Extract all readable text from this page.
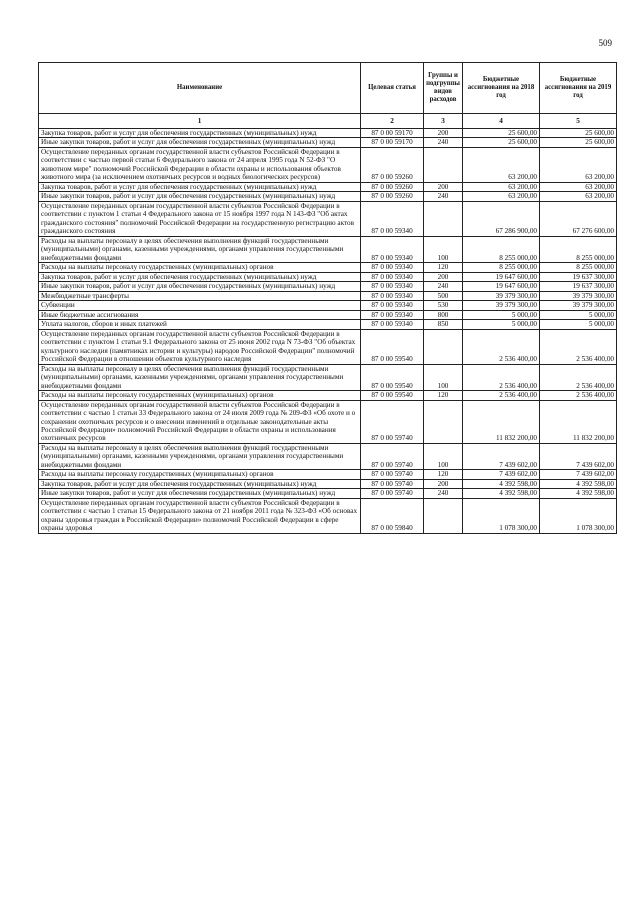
509
Наименование	Целевая статья	Группы и подгруппы видов расходов	Бюджетные ассигнования на 2018 год	Бюджетные ассигнования на 2019 год
1	2	3	4	5
Закупка товаров, работ и услуг для обеспечения государственных (муниципальных) нужд	87 0 00 59170	200	25 600,00	25 600,00
Иные закупки товаров, работ и услуг для обеспечения государственных (муниципальных) нужд	87 0 00 59170	240	25 600,00	25 600,00
Осуществление переданных органам государственной власти субъектов Российской Федерации в соответствии с частью первой статьи 6 Федерального закона от 24 апреля 1995 года N 52-ФЗ "О животном мире" полномочий Российской Федерации в области охраны и использования объектов животного мира (за исключением охотничьих ресурсов и водных биологических ресурсов)	87 0 00 59260		63 200,00	63 200,00
Закупка товаров, работ и услуг для обеспечения государственных (муниципальных) нужд	87 0 00 59260	200	63 200,00	63 200,00
Иные закупки товаров, работ и услуг для обеспечения государственных (муниципальных) нужд	87 0 00 59260	240	63 200,00	63 200,00
Осуществление переданных органам государственной власти субъектов Российской Федерации в соответствии с пунктом 1 статьи 4 Федерального закона от 15 ноября 1997 года N 143-ФЗ "Об актах гражданского состояния" полномочий Российской Федерации на государственную регистрацию актов гражданского состояния	87 0 00 59340		67 286 900,00	67 276 600,00
Расходы на выплаты персоналу в целях обеспечения выполнения функций государственными (муниципальными) органами, казенными учреждениями, органами управления государственными внебюджетными фондами	87 0 00 59340	100	8 255 000,00	8 255 000,00
Расходы на выплаты персоналу государственных (муниципальных) органов	87 0 00 59340	120	8 255 000,00	8 255 000,00
Закупка товаров, работ и услуг для обеспечения государственных (муниципальных) нужд	87 0 00 59340	200	19 647 600,00	19 637 300,00
Иные закупки товаров, работ и услуг для обеспечения государственных (муниципальных) нужд	87 0 00 59340	240	19 647 600,00	19 637 300,00
Межбюджетные трансферты	87 0 00 59340	500	39 379 300,00	39 379 300,00
Субвенции	87 0 00 59340	530	39 379 300,00	39 379 300,00
Иные бюджетные ассигнования	87 0 00 59340	800	5 000,00	5 000,00
Уплата налогов, сборов и иных платежей	87 0 00 59340	850	5 000,00	5 000,00
Осуществление переданных органам государственной власти субъектов Российской Федерации в соответствии с пунктом 1 статьи 9.1 Федерального закона от 25 июня 2002 года N 73-ФЗ "Об объектах культурного наследия (памятниках истории и культуры) народов Российской Федерации" полномочий Российской Федерации в отношении объектов культурного наследия	87 0 00 59540		2 536 400,00	2 536 400,00
Расходы на выплаты персоналу в целях обеспечения выполнения функций государственными (муниципальными) органами, казенными учреждениями, органами управления государственными внебюджетными фондами	87 0 00 59540	100	2 536 400,00	2 536 400,00
Расходы на выплаты персоналу государственных (муниципальных) органов	87 0 00 59540	120	2 536 400,00	2 536 400,00
Осуществление переданных органам государственной власти субъектов Российской Федерации в соответствии с частью 1 статьи 33 Федерального закона от 24 июля 2009 года № 209-ФЗ «Об охоте и о сохранении охотничьих ресурсов и о внесении изменений в отдельные законодательные акты Российской Федерации» полномочий Российской Федерации в области охраны и использования охотничьих ресурсов	87 0 00 59740		11 832 200,00	11 832 200,00
Расходы на выплаты персоналу в целях обеспечения выполнения функций государственными (муниципальными) органами, казенными учреждениями, органами управления государственными внебюджетными фондами	87 0 00 59740	100	7 439 602,00	7 439 602,00
Расходы на выплаты персоналу государственных (муниципальных) органов	87 0 00 59740	120	7 439 602,00	7 439 602,00
Закупка товаров, работ и услуг для обеспечения государственных (муниципальных) нужд	87 0 00 59740	200	4 392 598,00	4 392 598,00
Иные закупки товаров, работ и услуг для обеспечения государственных (муниципальных) нужд	87 0 00 59740	240	4 392 598,00	4 392 598,00
Осуществление переданных органам государственной власти субъектов Российской Федерации в соответствии с частью 1 статьи 15 Федерального закона от 21 ноября 2011 года № 323-ФЗ «Об основах охраны здоровья граждан в Российской Федерации» полномочий Российской Федерации в сфере охраны здоровья	87 0 00 59840		1 078 300,00	1 078 300,00
